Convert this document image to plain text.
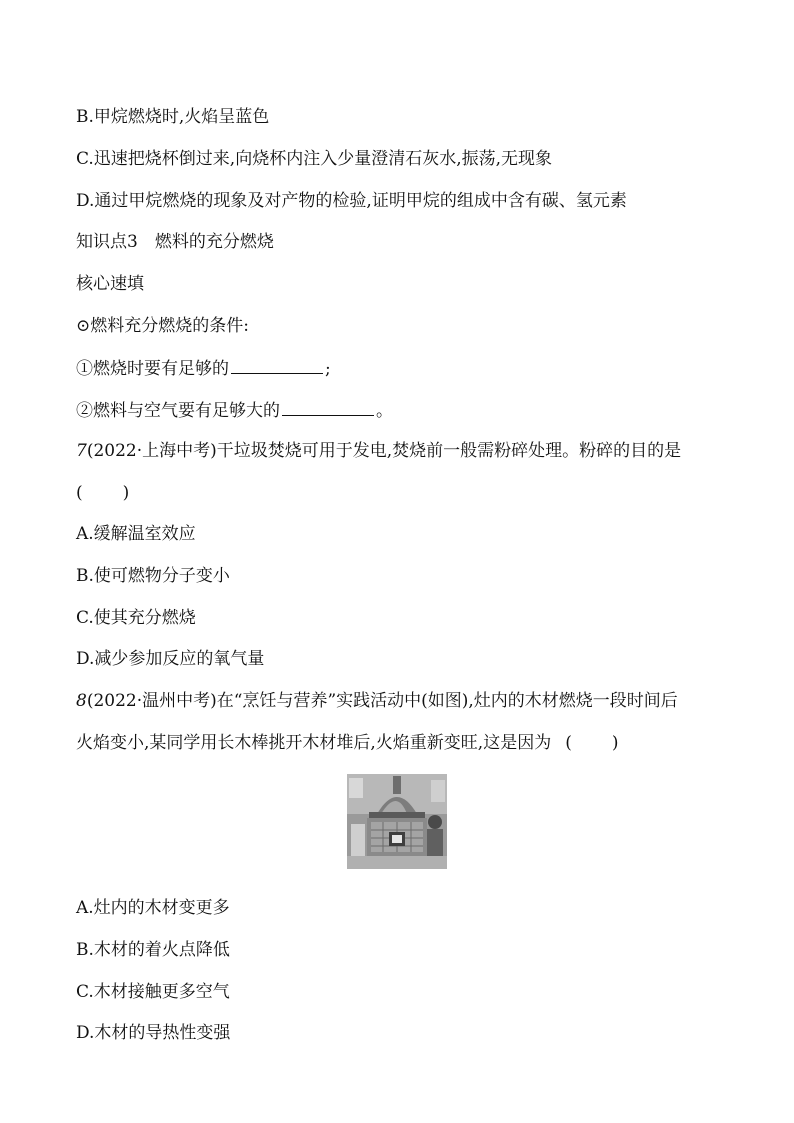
B.甲烷燃烧时,火焰呈蓝色
C.迅速把烧杯倒过来,向烧杯内注入少量澄清石灰水,振荡,无现象
D.通过甲烷燃烧的现象及对产物的检验,证明甲烷的组成中含有碳、氢元素
知识点3　燃料的充分燃烧
核心速填
⊙燃料充分燃烧的条件:
①燃烧时要有足够的	;
②燃料与空气要有足够大的	。
7(2022·上海中考)干垃圾焚烧可用于发电,焚烧前一般需粉碎处理。粉碎的目的是
( )
A.缓解温室效应
B.使可燃物分子变小
C.使其充分燃烧
D.减少参加反应的氧气量
8(2022·温州中考)在“烹饪与营养”实践活动中(如图),灶内的木材燃烧一段时间后
火焰变小,某同学用长木棒挑开木材堆后,火焰重新变旺,这是因为 ( )
A.灶内的木材变更多
B.木材的着火点降低
C.木材接触更多空气
D.木材的导热性变强
